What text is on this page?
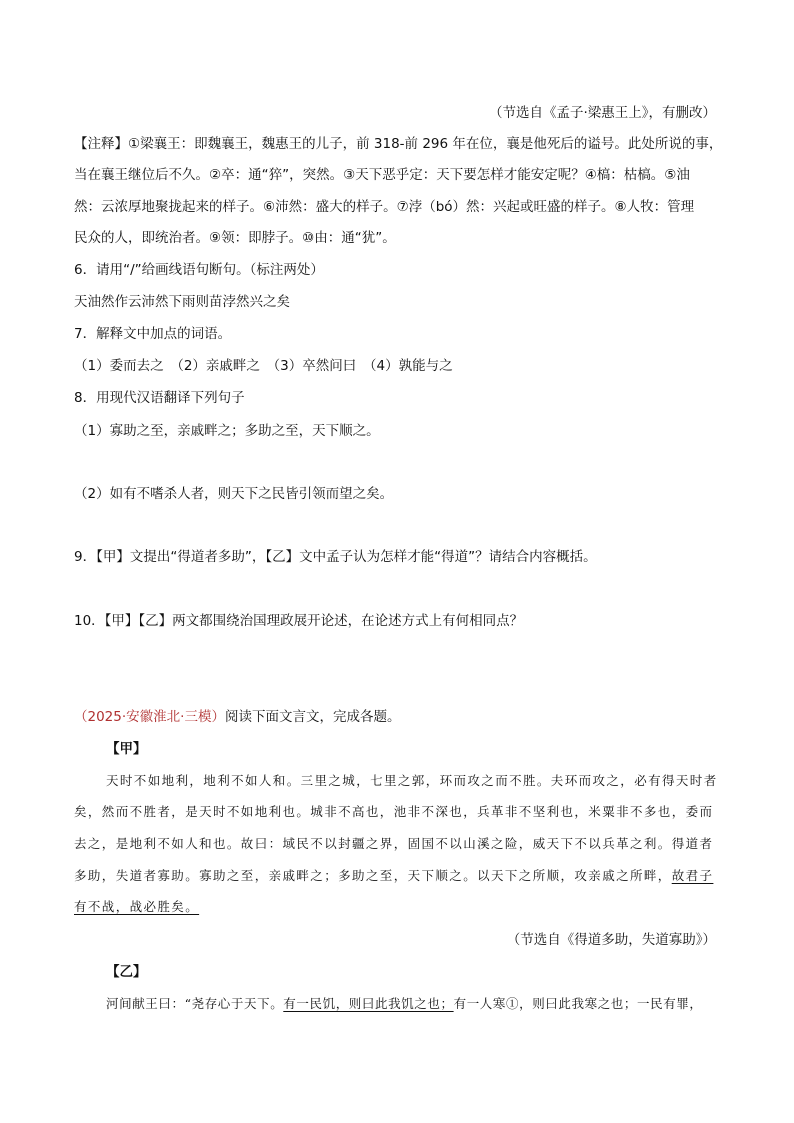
（节选自《孟子·梁惠王上》，有删改）
【注释】①梁襄王：即魏襄王，魏惠王的儿子，前 318-前 296 年在位，襄是他死后的谥号。此处所说的事，
当在襄王继位后不久。②卒：通“猝”，突然。③天下恶乎定：天下要怎样才能安定呢？④槁：枯槁。⑤油
然：云浓厚地聚拢起来的样子。⑥沛然：盛大的样子。⑦浡（bó）然：兴起或旺盛的样子。⑧人牧：管理
民众的人，即统治者。⑨领：即脖子。⑩由：通“犹”。
6．请用“/”给画线语句断句。（标注两处）
天油然作云沛然下雨则苗浡然兴之矣
7．解释文中加点的词语。
（1）委而去之　（2）亲戚畔之　（3）卒然问曰　（4）孰能与之
8．用现代汉语翻译下列句子
（1）寡助之至，亲戚畔之；多助之至，天下顺之。
（2）如有不嗜杀人者，则天下之民皆引领而望之矣。
9．【甲】文提出“得道者多助”，【乙】文中孟子认为怎样才能“得道”？请结合内容概括。
10．【甲】【乙】两文都围绕治国理政展开论述，在论述方式上有何相同点？
（2025·安徽淮北·三模）阅读下面文言文，完成各题。
【甲】
天时不如地利，地利不如人和。三里之城，七里之郭，环而攻之而不胜。夫环而攻之，必有得天时者
矣，然而不胜者，是天时不如地利也。城非不高也，池非不深也，兵革非不坚利也，米粟非不多也，委而
去之，是地利不如人和也。故曰：域民不以封疆之界，固国不以山溪之险，威天下不以兵革之利。得道者
多助，失道者寡助。寡助之至，亲戚畔之；多助之至，天下顺之。以天下之所顺，攻亲戚之所畔，故君子
有不战，战必胜矣。
（节选自《得道多助，失道寡助》）
【乙】
河间献王曰：“尧存心于天下。有一民饥，则曰此我饥之也；有一人寒①，则曰此我寒之也；一民有罪，
